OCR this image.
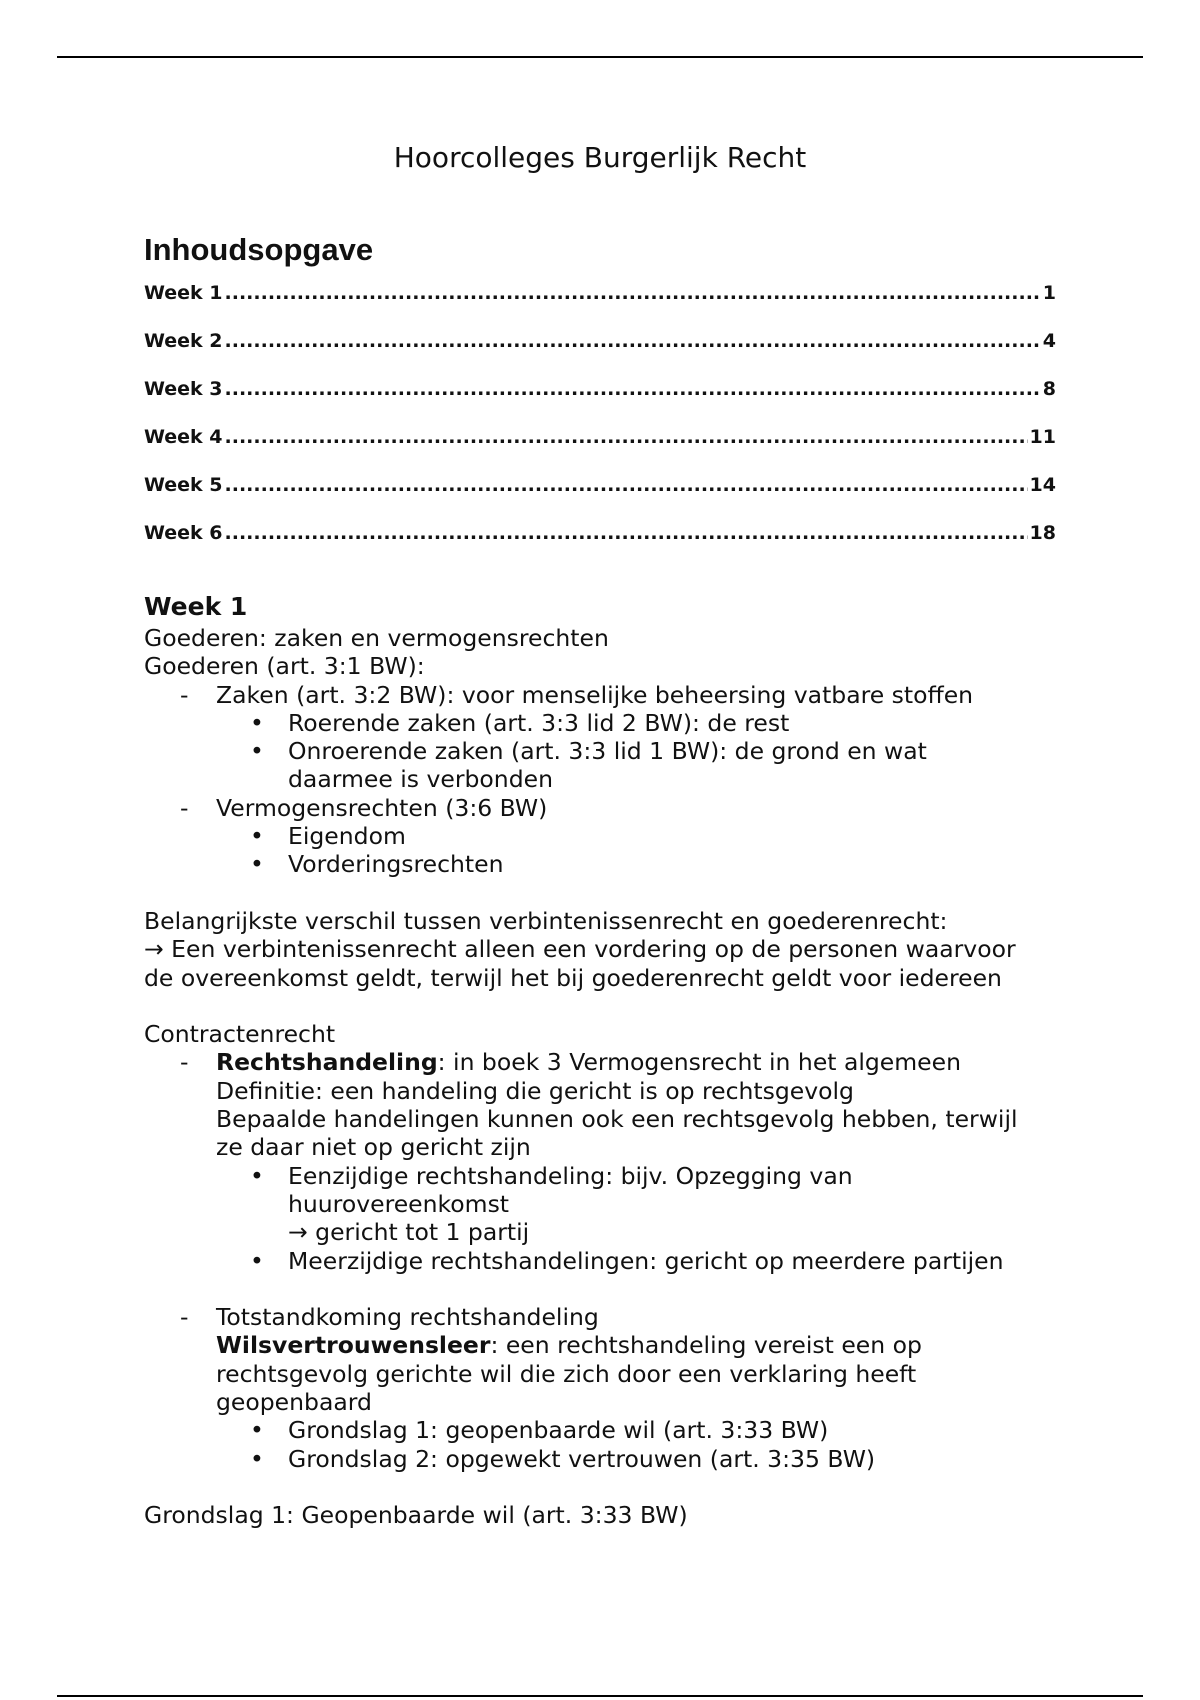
Hoorcolleges Burgerlijk Recht
Inhoudsopgave
Week 1 .....	1
Week 2 .....	4
Week 3 .....	8
Week 4 .....	11
Week 5 .....	14
Week 6 .....	18
Week 1
Goederen: zaken en vermogensrechten
Goederen (art. 3:1 BW):
- Zaken (art. 3:2 BW): voor menselijke beheersing vatbare stoffen
• Roerende zaken (art. 3:3 lid 2 BW): de rest
• Onroerende zaken (art. 3:3 lid 1 BW): de grond en wat
daarmee is verbonden
- Vermogensrechten (3:6 BW)
• Eigendom
• Vorderingsrechten
Belangrijkste verschil tussen verbintenissenrecht en goederenrecht:
→ Een verbintenissenrecht alleen een vordering op de personen waarvoor
de overeenkomst geldt, terwijl het bij goederenrecht geldt voor iedereen
Contractenrecht
- Rechtshandeling: in boek 3 Vermogensrecht in het algemeen
Definitie: een handeling die gericht is op rechtsgevolg
Bepaalde handelingen kunnen ook een rechtsgevolg hebben, terwijl
ze daar niet op gericht zijn
• Eenzijdige rechtshandeling: bijv. Opzegging van
huurovereenkomst
→ gericht tot 1 partij
• Meerzijdige rechtshandelingen: gericht op meerdere partijen
- Totstandkoming rechtshandeling
Wilsvertrouwensleer: een rechtshandeling vereist een op
rechtsgevolg gerichte wil die zich door een verklaring heeft
geopenbaard
• Grondslag 1: geopenbaarde wil (art. 3:33 BW)
• Grondslag 2: opgewekt vertrouwen (art. 3:35 BW)
Grondslag 1: Geopenbaarde wil (art. 3:33 BW)
